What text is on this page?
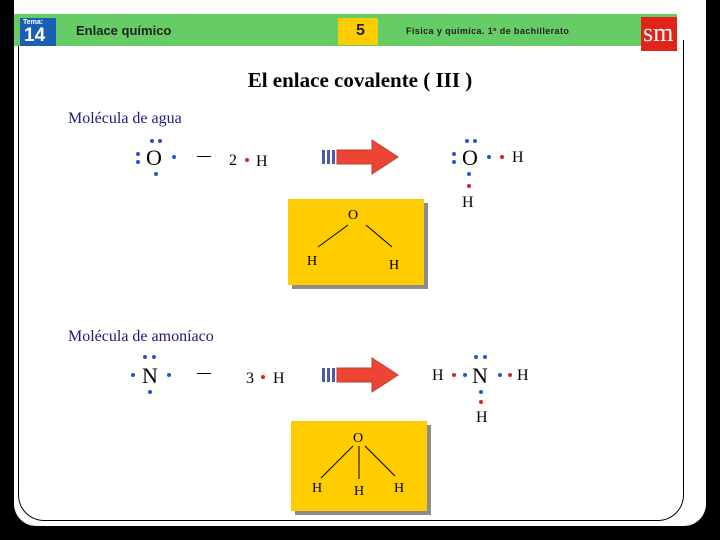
Tema:
14 Enlace químico	5	Física y química. 1º de bachillerato	sm
El enlace covalente ( III )
Molécula de agua
O	2 H	O H
H
O
H	H
Molécula de amoníaco
N	3 H	H N H
H
O
H H H
